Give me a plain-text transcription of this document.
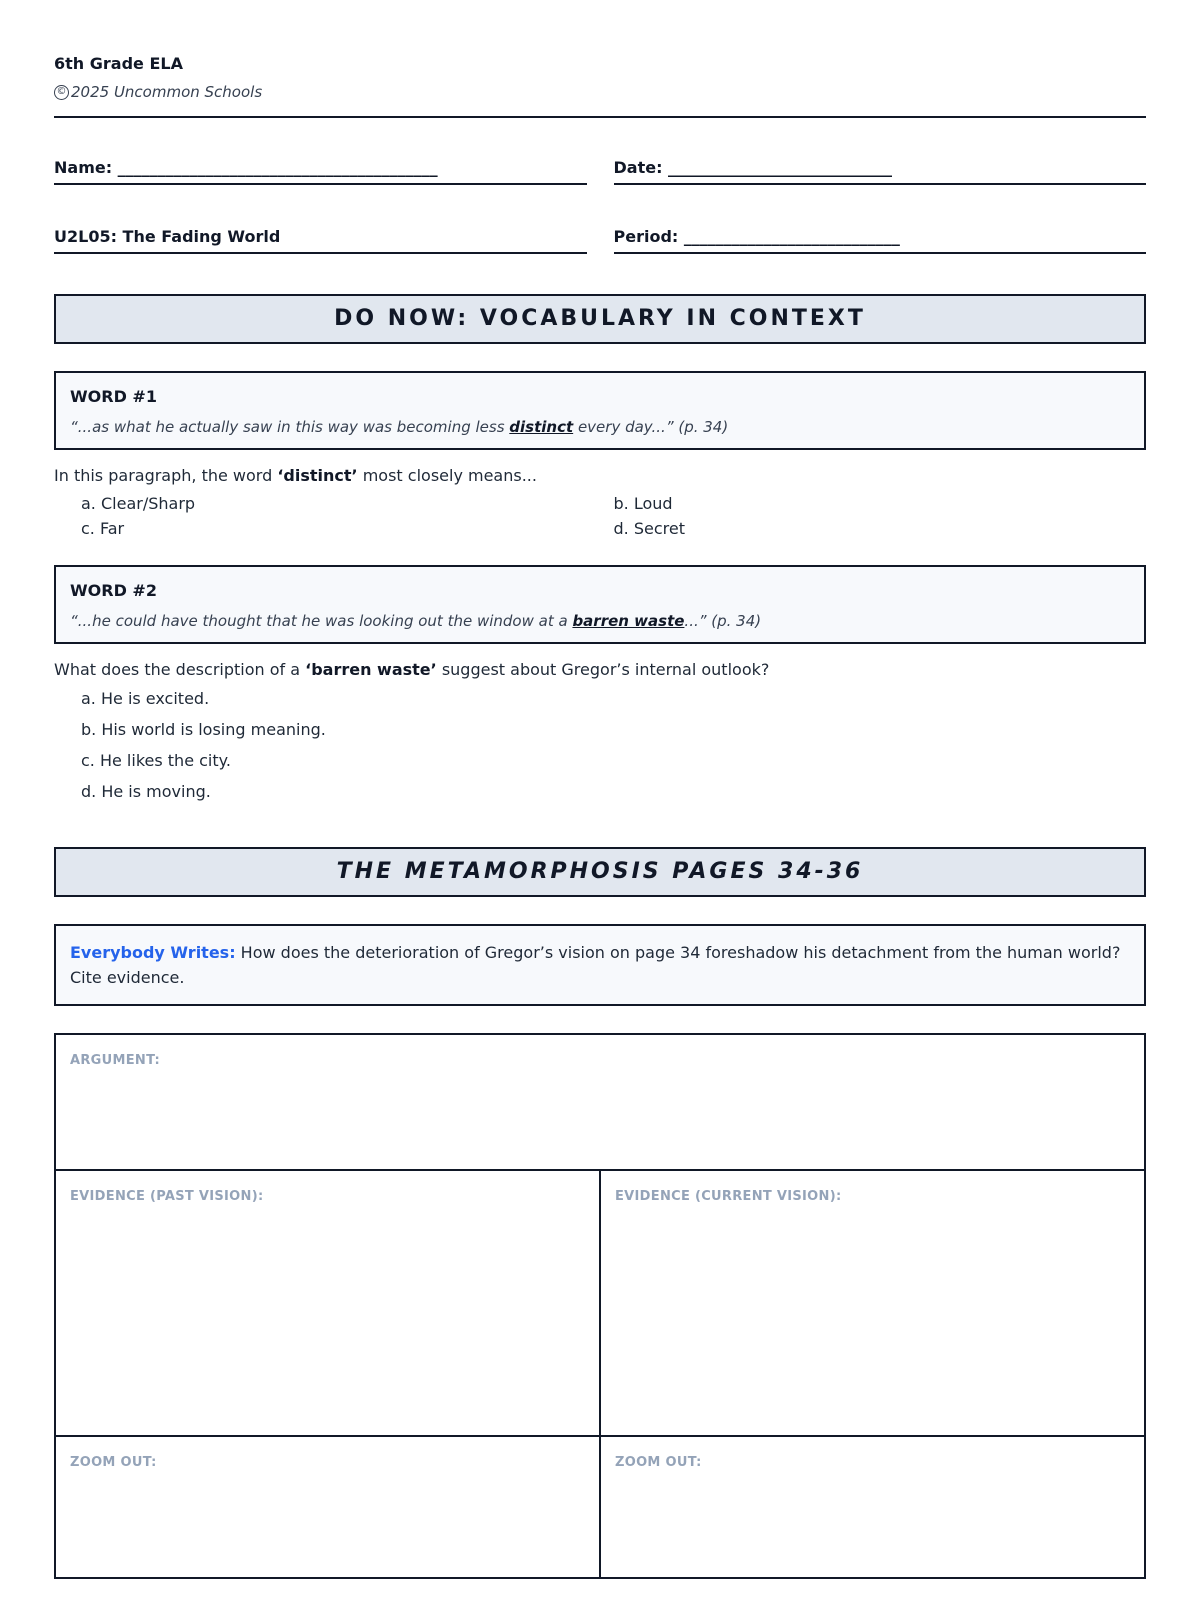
6th Grade ELA
© 2025 Uncommon Schools
Name: ________________________________________	Date: ____________________________
U2L05: The Fading World	Period: ___________________________
DO NOW: VOCABULARY IN CONTEXT
WORD #1
“...as what he actually saw in this way was becoming less distinct every day...” (p. 34)
In this paragraph, the word ‘distinct’ most closely means...
a. Clear/Sharp	b. Loud
c. Far	d. Secret
WORD #2
“...he could have thought that he was looking out the window at a barren waste...” (p. 34)
What does the description of a ‘barren waste’ suggest about Gregor’s internal outlook?
a. He is excited.
b. His world is losing meaning.
c. He likes the city.
d. He is moving.
THE METAMORPHOSIS PAGES 34-36
Everybody Writes: How does the deterioration of Gregor’s vision on page 34 foreshadow his detachment from the human world? Cite evidence.
ARGUMENT:
EVIDENCE (PAST VISION):	EVIDENCE (CURRENT VISION):
ZOOM OUT:	ZOOM OUT:
